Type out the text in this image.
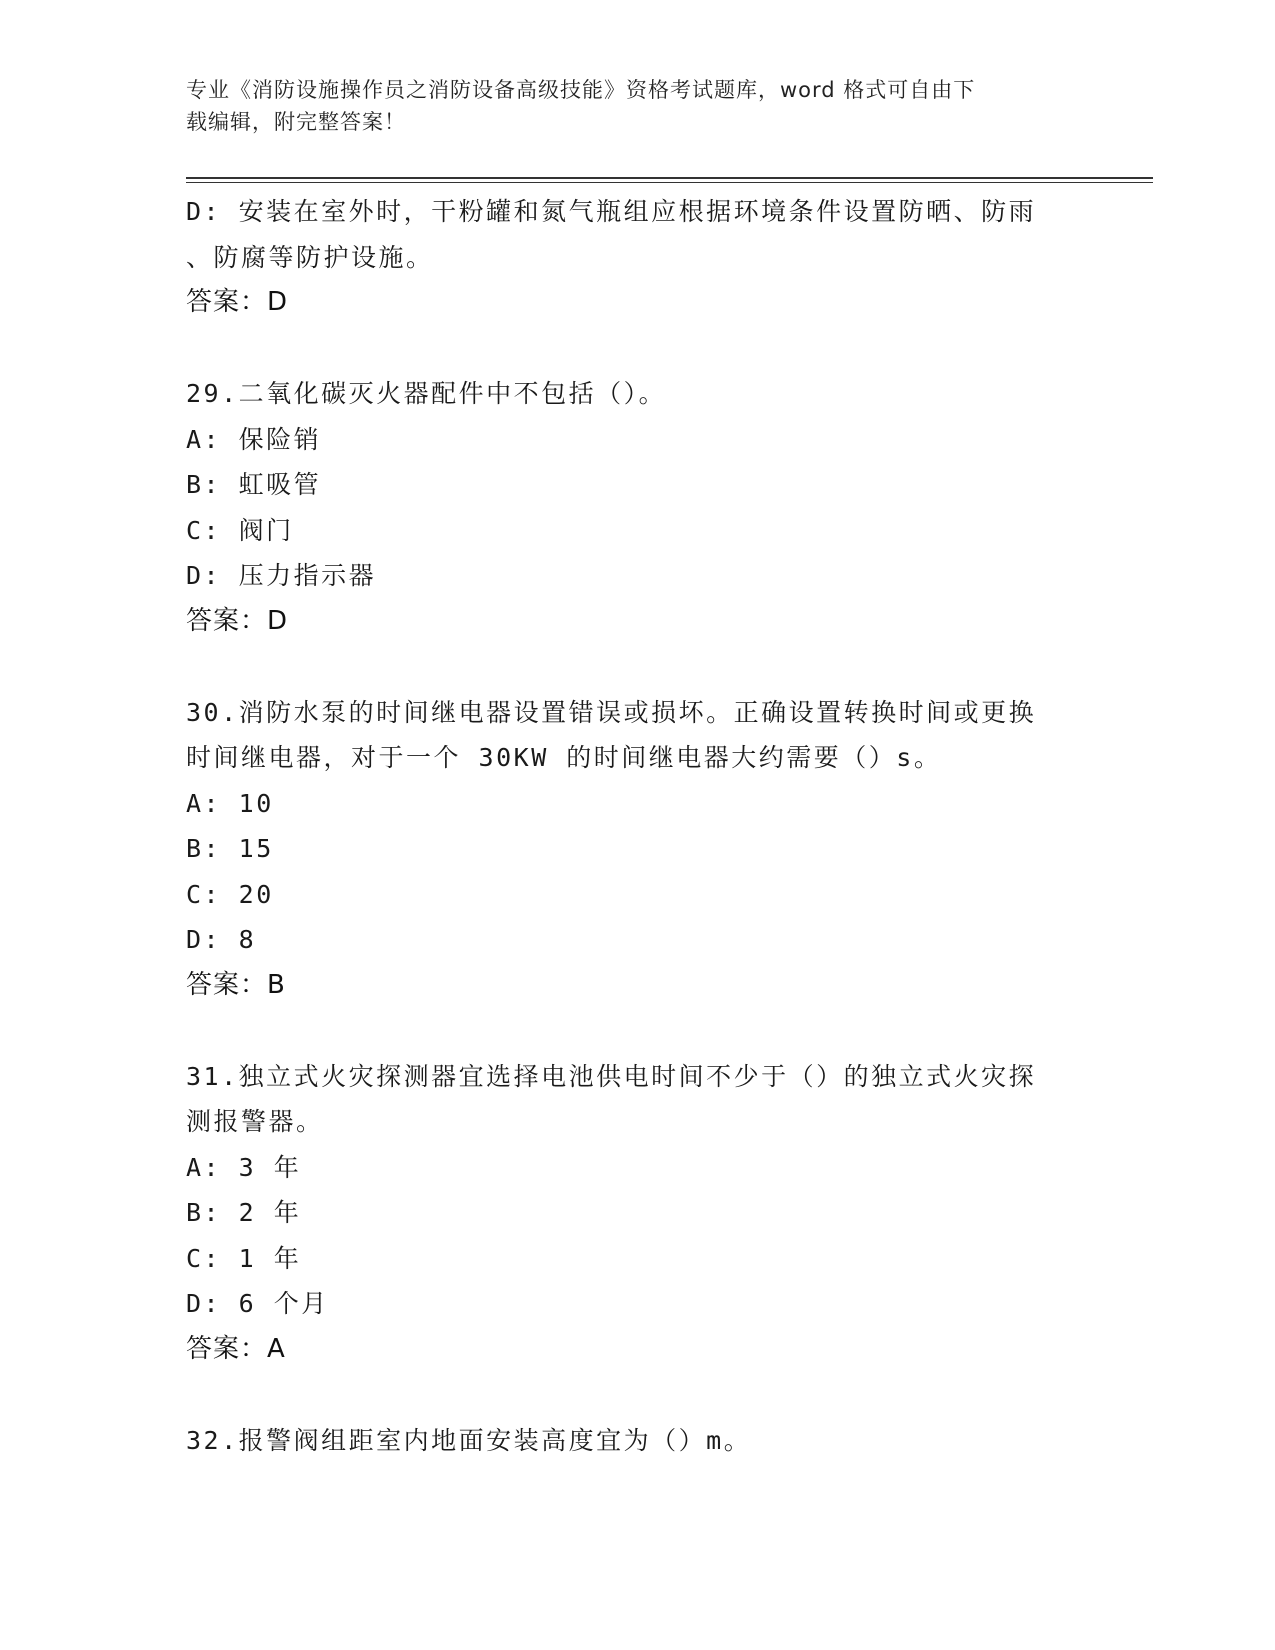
专业《消防设施操作员之消防设备高级技能》资格考试题库，word 格式可自由下
载编辑，附完整答案！
D: 安装在室外时，干粉罐和氮气瓶组应根据环境条件设置防晒、防雨
、防腐等防护设施。
答案：D
29.二氧化碳灭火器配件中不包括（）。
A: 保险销
B: 虹吸管
C: 阀门
D: 压力指示器
答案：D
30.消防水泵的时间继电器设置错误或损坏。正确设置转换时间或更换
时间继电器，对于一个 30KW 的时间继电器大约需要（）s。
A: 10
B: 15
C: 20
D: 8
答案：B
31.独立式火灾探测器宜选择电池供电时间不少于（）的独立式火灾探
测报警器。
A: 3 年
B: 2 年
C: 1 年
D: 6 个月
答案：A
32.报警阀组距室内地面安装高度宜为（）m。
